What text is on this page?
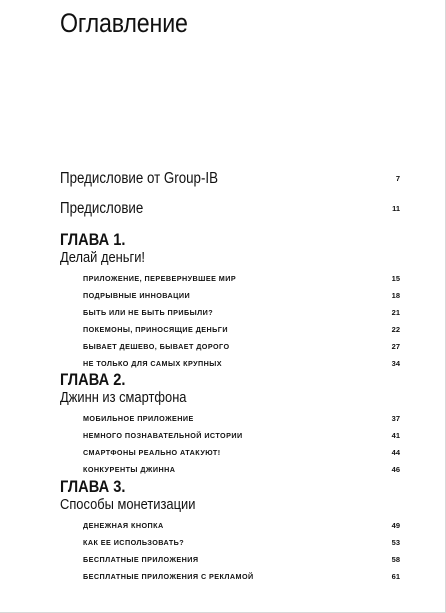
Оглавление
Предисловие от Group-IB	7
Предисловие	11
ГЛАВА 1.
Делай деньги!
ПРИЛОЖЕНИЕ, ПЕРЕВЕРНУВШЕЕ МИР	15
ПОДРЫВНЫЕ ИННОВАЦИИ	18
БЫТЬ ИЛИ НЕ БЫТЬ ПРИБЫЛИ?	21
ПОКЕМОНЫ, ПРИНОСЯЩИЕ ДЕНЬГИ	22
БЫВАЕТ ДЕШЕВО, БЫВАЕТ ДОРОГО	27
НЕ ТОЛЬКО ДЛЯ САМЫХ КРУПНЫХ	34
ГЛАВА 2.
Джинн из смартфона
МОБИЛЬНОЕ ПРИЛОЖЕНИЕ	37
НЕМНОГО ПОЗНАВАТЕЛЬНОЙ ИСТОРИИ	41
СМАРТФОНЫ РЕАЛЬНО АТАКУЮТ!	44
КОНКУРЕНТЫ ДЖИННА	46
ГЛАВА 3.
Способы монетизации
ДЕНЕЖНАЯ КНОПКА	49
КАК ЕЕ ИСПОЛЬЗОВАТЬ?	53
БЕСПЛАТНЫЕ ПРИЛОЖЕНИЯ	58
БЕСПЛАТНЫЕ ПРИЛОЖЕНИЯ С РЕКЛАМОЙ	61
